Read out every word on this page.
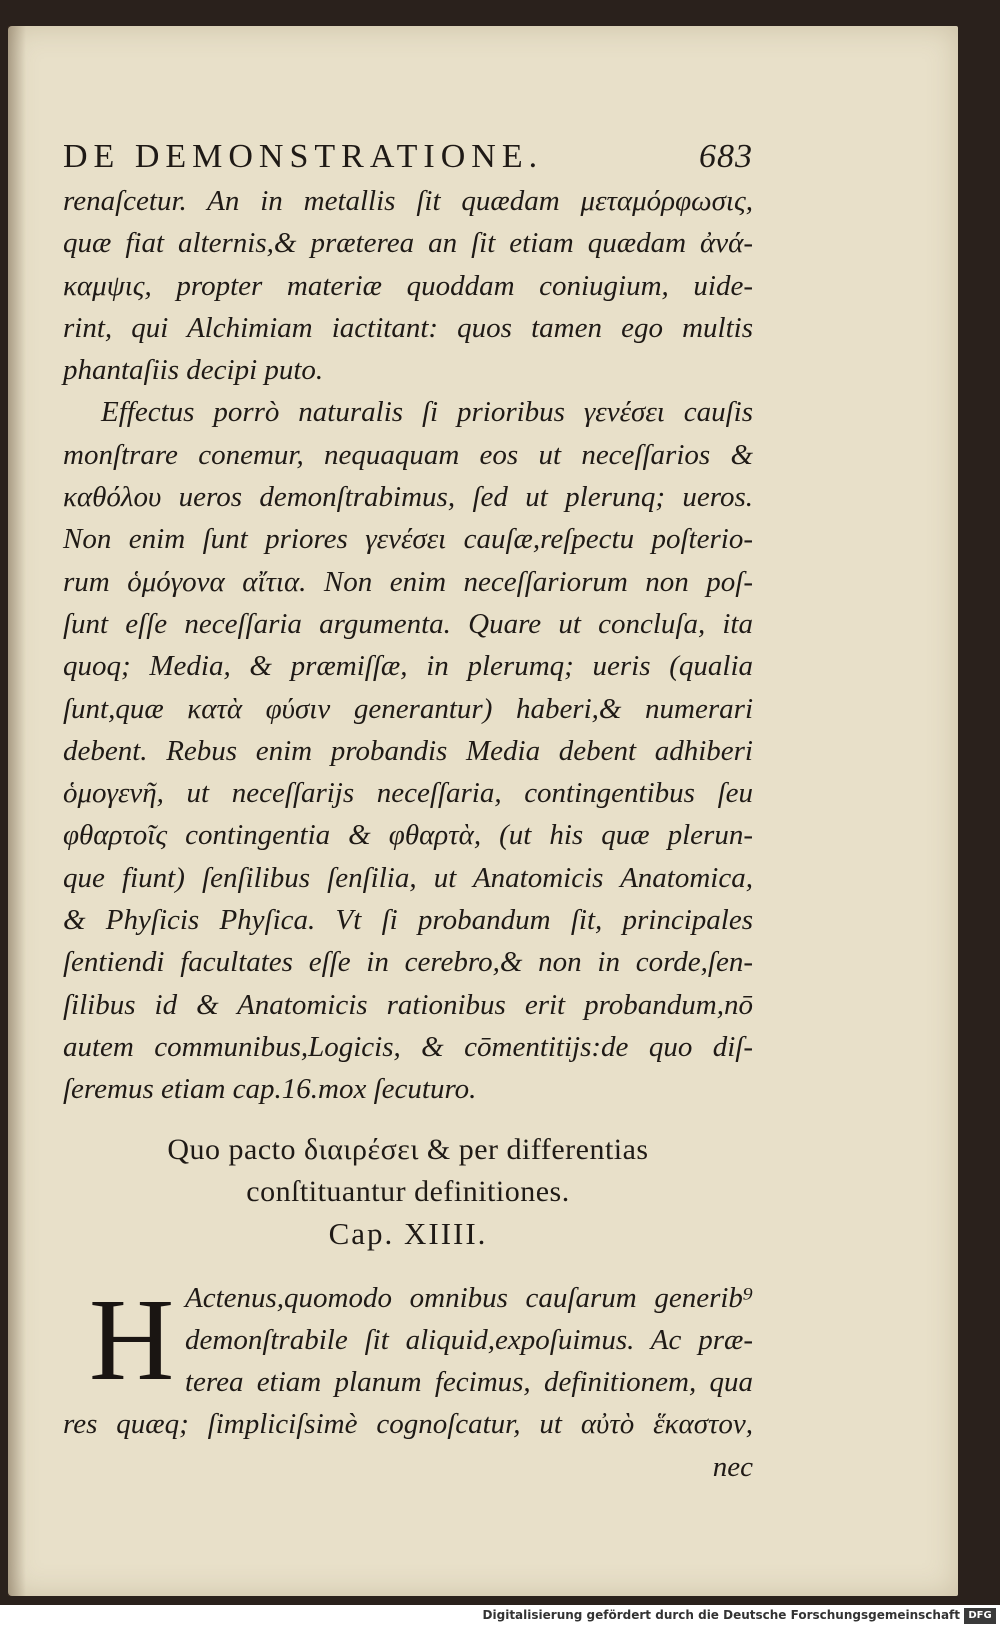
DE DEMONSTRATIONE.	683
renaſcetur. An in metallis ſit quædam μεταμόρφωσις,
quæ fiat alternis,& præterea an ſit etiam quædam ἀνά-
καμψις, propter materiæ quoddam coniugium, uide-
rint, qui Alchimiam iactitant: quos tamen ego multis
phantaſiis decipi puto.
Effectus porrò naturalis ſi prioribus γενέσει cauſis
monſtrare conemur, nequaquam eos ut neceſſarios &
καθόλου ueros demonſtrabimus, ſed ut plerunq; ueros.
Non enim ſunt priores γενέσει cauſæ,reſpectu poſterio-
rum ὁμόγονα αἴτια. Non enim neceſſariorum non poſ-
ſunt eſſe neceſſaria argumenta. Quare ut concluſa, ita
quoq; Media, & præmiſſæ, in plerumq; ueris (qualia
ſunt,quæ κατὰ φύσιν generantur) haberi,& numerari
debent. Rebus enim probandis Media debent adhiberi
ὁμογενῆ, ut neceſſarijs neceſſaria, contingentibus ſeu
φθαρτοῖς contingentia & φθαρτὰ, (ut his quæ plerun-
que fiunt) ſenſilibus ſenſilia, ut Anatomicis Anatomica,
& Phyſicis Phyſica. Vt ſi probandum ſit, principales
ſentiendi facultates eſſe in cerebro,& non in corde,ſen-
ſilibus id & Anatomicis rationibus erit probandum,nō
autem communibus,Logicis, & cōmentitijs:de quo diſ-
ſeremus etiam cap.16.mox ſecuturo.
Quo pacto διαιρέσει & per differentias
conſtituantur definitiones.
Cap. XIIII.
H Actenus,quomodo omnibus cauſarum generib⁹
demonſtrabile ſit aliquid,expoſuimus. Ac præ-
terea etiam planum fecimus, definitionem, qua
res quæq; ſimpliciſsimè cognoſcatur, ut αὐτὸ ἕκαστον,
nec
Digitalisierung gefördert durch die Deutsche Forschungsgemeinschaft DFG
